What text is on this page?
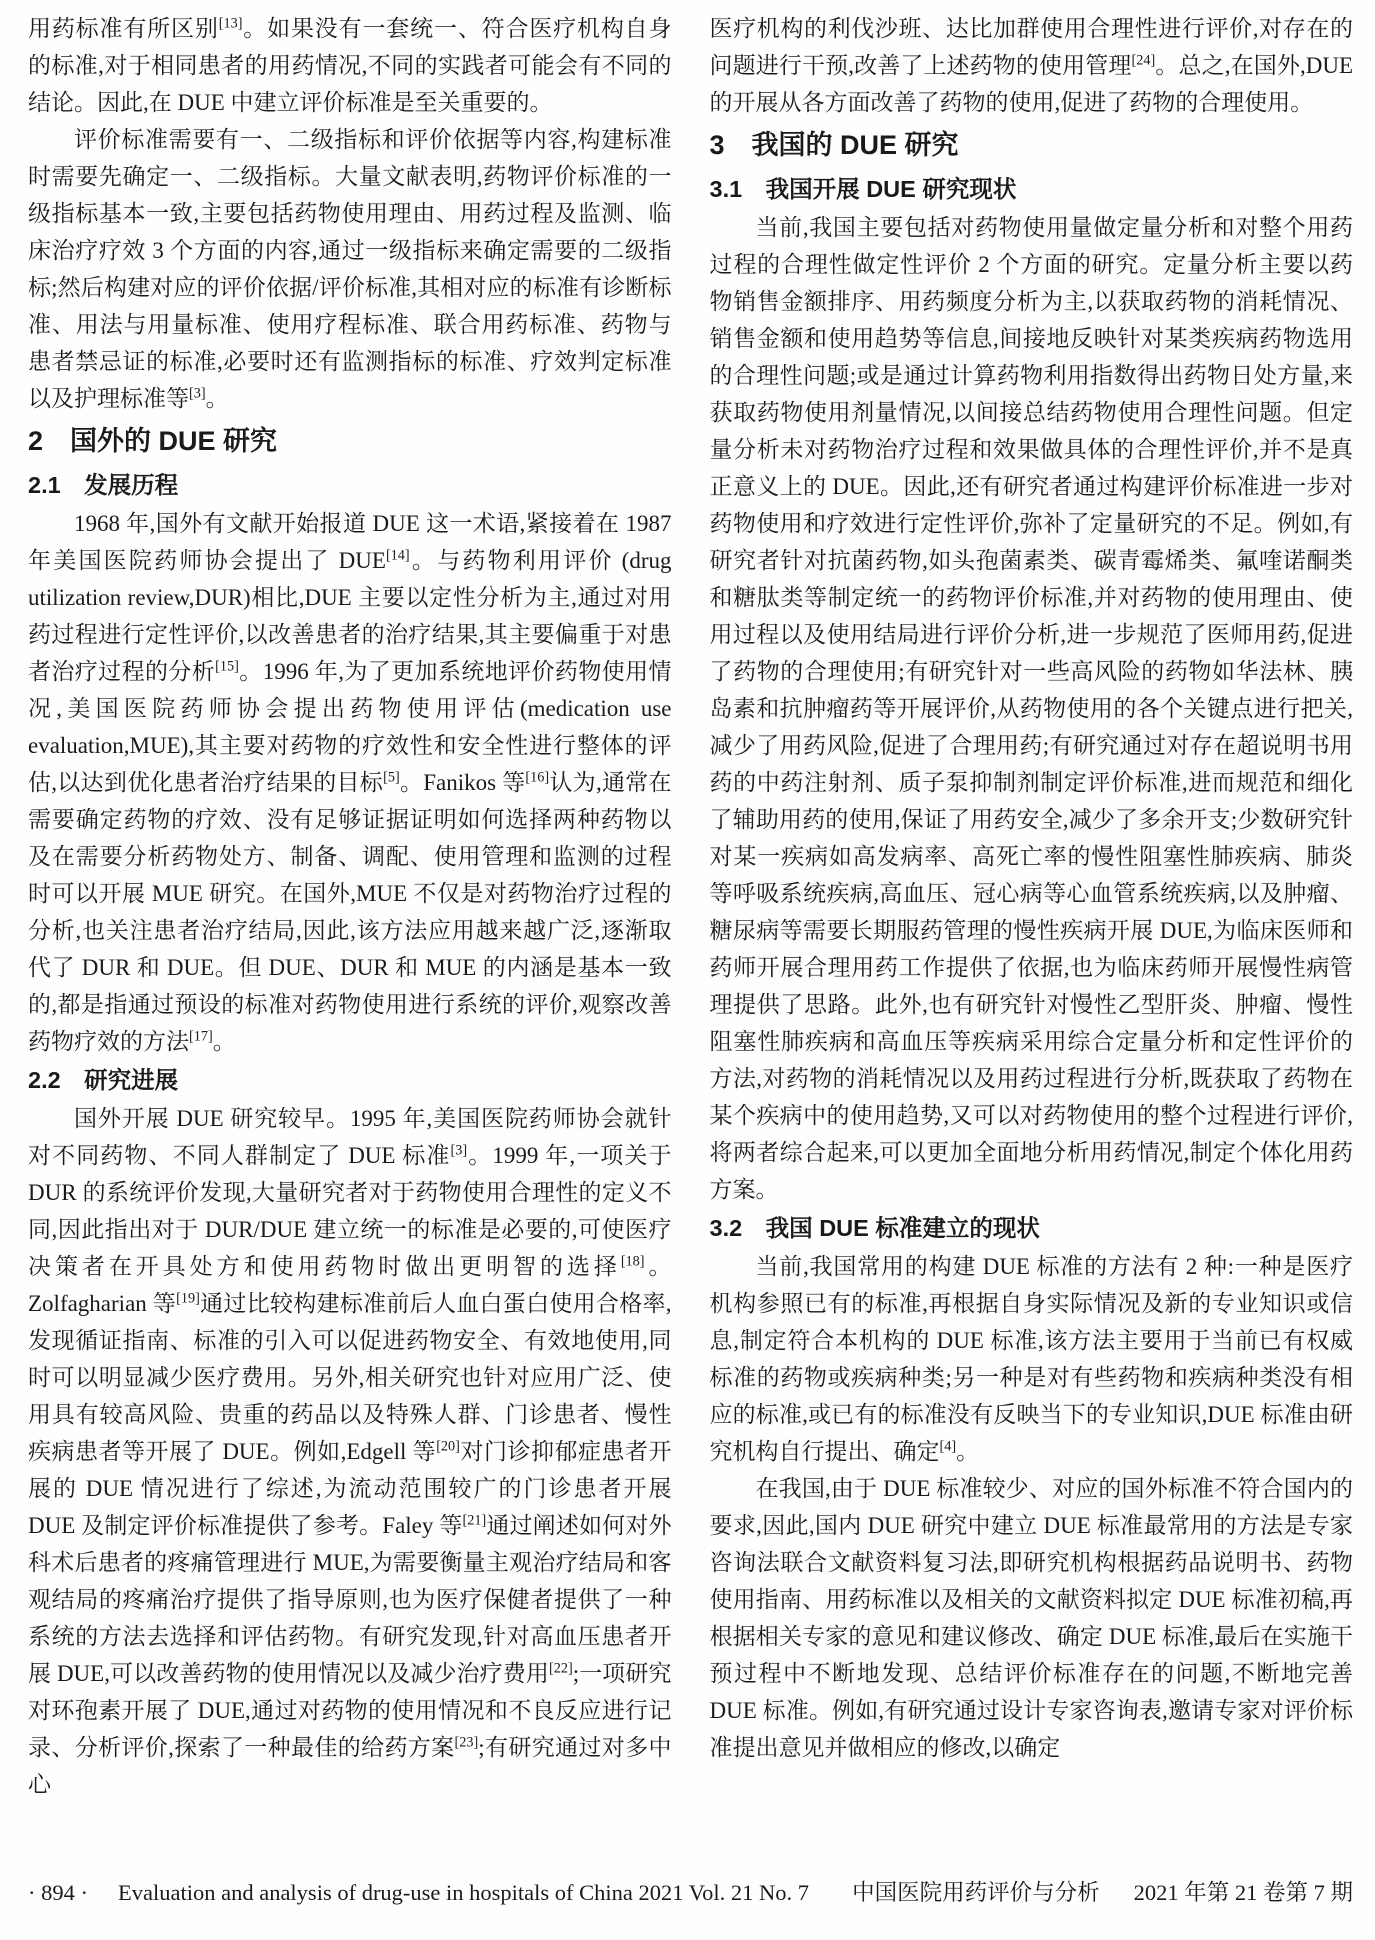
用药标准有所区别[13]。如果没有一套统一、符合医疗机构自身的标准,对于相同患者的用药情况,不同的实践者可能会有不同的结论。因此,在 DUE 中建立评价标准是至关重要的。
评价标准需要有一、二级指标和评价依据等内容,构建标准时需要先确定一、二级指标。大量文献表明,药物评价标准的一级指标基本一致,主要包括药物使用理由、用药过程及监测、临床治疗疗效 3 个方面的内容,通过一级指标来确定需要的二级指标;然后构建对应的评价依据/评价标准,其相对应的标准有诊断标准、用法与用量标准、使用疗程标准、联合用药标准、药物与患者禁忌证的标准,必要时还有监测指标的标准、疗效判定标准以及护理标准等[3]。
2　国外的 DUE 研究
2.1　发展历程
1968 年,国外有文献开始报道 DUE 这一术语,紧接着在 1987 年美国医院药师协会提出了 DUE[14]。与药物利用评价 (drug utilization review,DUR)相比,DUE 主要以定性分析为主,通过对用药过程进行定性评价,以改善患者的治疗结果,其主要偏重于对患者治疗过程的分析[15]。1996 年,为了更加系统地评价药物使用情况,美国医院药师协会提出药物使用评估(medication use evaluation,MUE),其主要对药物的疗效性和安全性进行整体的评估,以达到优化患者治疗结果的目标[5]。Fanikos 等[16]认为,通常在需要确定药物的疗效、没有足够证据证明如何选择两种药物以及在需要分析药物处方、制备、调配、使用管理和监测的过程时可以开展 MUE 研究。在国外,MUE 不仅是对药物治疗过程的分析,也关注患者治疗结局,因此,该方法应用越来越广泛,逐渐取代了 DUR 和 DUE。但 DUE、DUR 和 MUE 的内涵是基本一致的,都是指通过预设的标准对药物使用进行系统的评价,观察改善药物疗效的方法[17]。
2.2　研究进展
国外开展 DUE 研究较早。1995 年,美国医院药师协会就针对不同药物、不同人群制定了 DUE 标准[3]。1999 年,一项关于 DUR 的系统评价发现,大量研究者对于药物使用合理性的定义不同,因此指出对于 DUR/DUE 建立统一的标准是必要的,可使医疗决策者在开具处方和使用药物时做出更明智的选择[18]。Zolfagharian 等[19]通过比较构建标准前后人血白蛋白使用合格率,发现循证指南、标准的引入可以促进药物安全、有效地使用,同时可以明显减少医疗费用。另外,相关研究也针对应用广泛、使用具有较高风险、贵重的药品以及特殊人群、门诊患者、慢性疾病患者等开展了 DUE。例如,Edgell 等[20]对门诊抑郁症患者开展的 DUE 情况进行了综述,为流动范围较广的门诊患者开展 DUE 及制定评价标准提供了参考。Faley 等[21]通过阐述如何对外科术后患者的疼痛管理进行 MUE,为需要衡量主观治疗结局和客观结局的疼痛治疗提供了指导原则,也为医疗保健者提供了一种系统的方法去选择和评估药物。有研究发现,针对高血压患者开展 DUE,可以改善药物的使用情况以及减少治疗费用[22];一项研究对环孢素开展了 DUE,通过对药物的使用情况和不良反应进行记录、分析评价,探索了一种最佳的给药方案[23];有研究通过对多中心
医疗机构的利伐沙班、达比加群使用合理性进行评价,对存在的问题进行干预,改善了上述药物的使用管理[24]。总之,在国外,DUE 的开展从各方面改善了药物的使用,促进了药物的合理使用。
3　我国的 DUE 研究
3.1　我国开展 DUE 研究现状
当前,我国主要包括对药物使用量做定量分析和对整个用药过程的合理性做定性评价 2 个方面的研究。定量分析主要以药物销售金额排序、用药频度分析为主,以获取药物的消耗情况、销售金额和使用趋势等信息,间接地反映针对某类疾病药物选用的合理性问题;或是通过计算药物利用指数得出药物日处方量,来获取药物使用剂量情况,以间接总结药物使用合理性问题。但定量分析未对药物治疗过程和效果做具体的合理性评价,并不是真正意义上的 DUE。因此,还有研究者通过构建评价标准进一步对药物使用和疗效进行定性评价,弥补了定量研究的不足。例如,有研究者针对抗菌药物,如头孢菌素类、碳青霉烯类、氟喹诺酮类和糖肽类等制定统一的药物评价标准,并对药物的使用理由、使用过程以及使用结局进行评价分析,进一步规范了医师用药,促进了药物的合理使用;有研究针对一些高风险的药物如华法林、胰岛素和抗肿瘤药等开展评价,从药物使用的各个关键点进行把关,减少了用药风险,促进了合理用药;有研究通过对存在超说明书用药的中药注射剂、质子泵抑制剂制定评价标准,进而规范和细化了辅助用药的使用,保证了用药安全,减少了多余开支;少数研究针对某一疾病如高发病率、高死亡率的慢性阻塞性肺疾病、肺炎等呼吸系统疾病,高血压、冠心病等心血管系统疾病,以及肿瘤、糖尿病等需要长期服药管理的慢性疾病开展 DUE,为临床医师和药师开展合理用药工作提供了依据,也为临床药师开展慢性病管理提供了思路。此外,也有研究针对慢性乙型肝炎、肿瘤、慢性阻塞性肺疾病和高血压等疾病采用综合定量分析和定性评价的方法,对药物的消耗情况以及用药过程进行分析,既获取了药物在某个疾病中的使用趋势,又可以对药物使用的整个过程进行评价,将两者综合起来,可以更加全面地分析用药情况,制定个体化用药方案。
3.2　我国 DUE 标准建立的现状
当前,我国常用的构建 DUE 标准的方法有 2 种:一种是医疗机构参照已有的标准,再根据自身实际情况及新的专业知识或信息,制定符合本机构的 DUE 标准,该方法主要用于当前已有权威标准的药物或疾病种类;另一种是对有些药物和疾病种类没有相应的标准,或已有的标准没有反映当下的专业知识,DUE 标准由研究机构自行提出、确定[4]。
在我国,由于 DUE 标准较少、对应的国外标准不符合国内的要求,因此,国内 DUE 研究中建立 DUE 标准最常用的方法是专家咨询法联合文献资料复习法,即研究机构根据药品说明书、药物使用指南、用药标准以及相关的文献资料拟定 DUE 标准初稿,再根据相关专家的意见和建议修改、确定 DUE 标准,最后在实施干预过程中不断地发现、总结评价标准存在的问题,不断地完善 DUE 标准。例如,有研究通过设计专家咨询表,邀请专家对评价标准提出意见并做相应的修改,以确定
· 894 · Evaluation and analysis of drug-use in hospitals of China 2021 Vol. 21 No. 7 中国医院用药评价与分析 2021 年第 21 卷第 7 期
